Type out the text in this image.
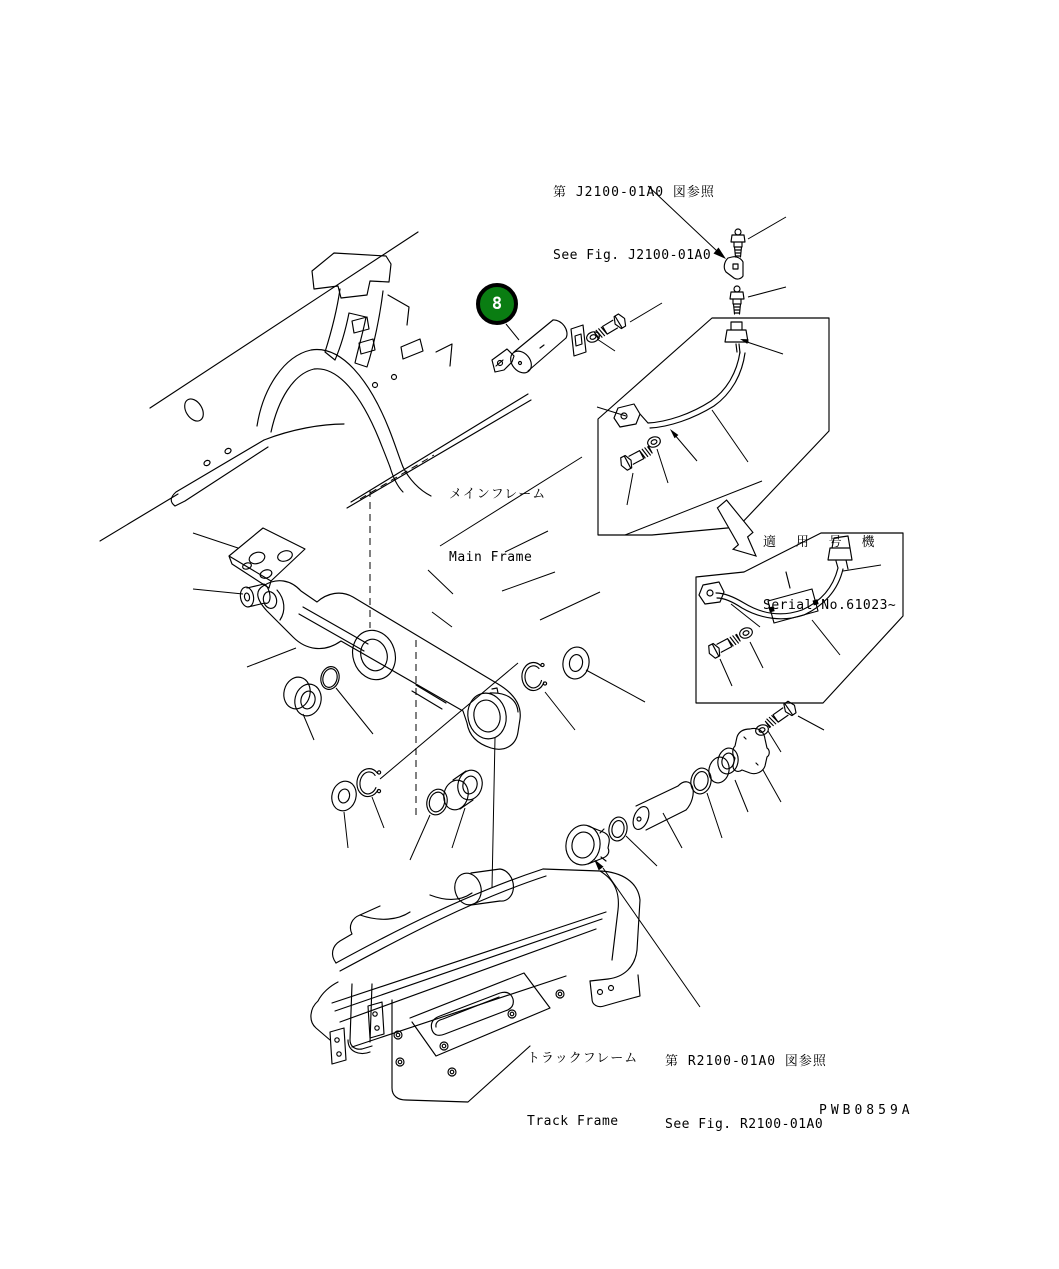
第 J2100-01A0 図参照

See Fig. J2100-01A0

メインフレーム

Main Frame

適 用 号 機

Serial No.61023~

トラックフレーム

Track Frame

第 R2100-01A0 図参照

See Fig. R2100-01A0

PWB0859A
8
